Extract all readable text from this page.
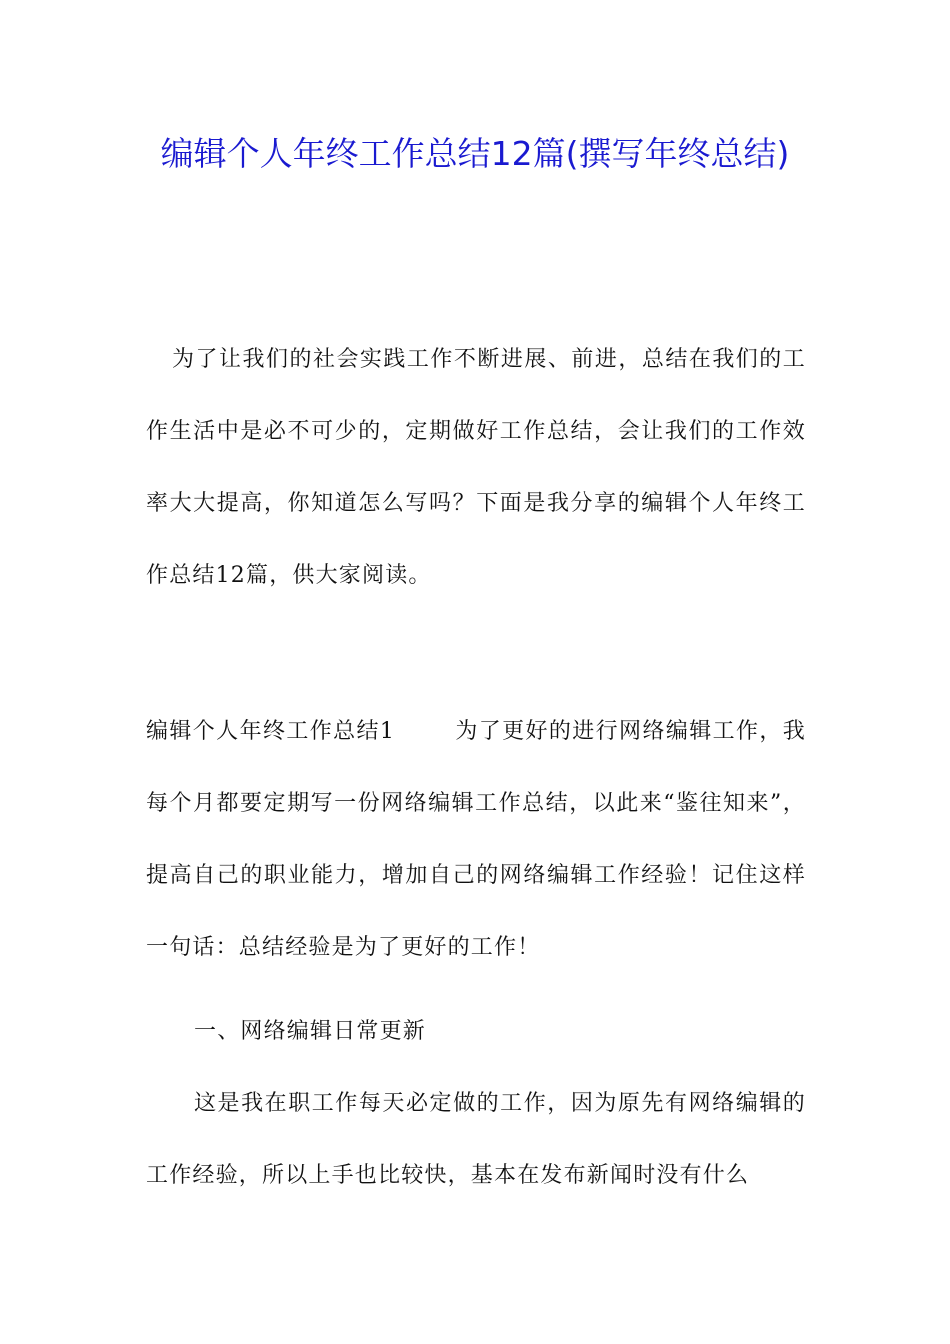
编辑个人年终工作总结12篇(撰写年终总结)

为了让我们的社会实践工作不断进展、前进，总结在我们的工作生活中是必不可少的，定期做好工作总结，会让我们的工作效率大大提高，你知道怎么写吗？下面是我分享的编辑个人年终工作总结12篇，供大家阅读。

编辑个人年终工作总结1	为了更好的进行网络编辑工作，我每个月都要定期写一份网络编辑工作总结，以此来“鉴往知来”，提高自己的职业能力，增加自己的网络编辑工作经验！记住这样一句话：总结经验是为了更好的工作！

一、网络编辑日常更新

这是我在职工作每天必定做的工作，因为原先有网络编辑的工作经验，所以上手也比较快，基本在发布新闻时没有什么
